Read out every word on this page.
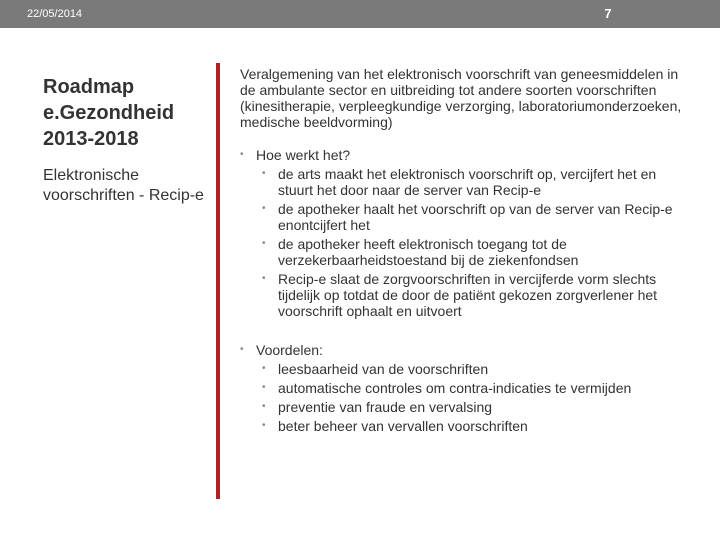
22/05/2014	7
Roadmap e.Gezondheid 2013-2018
Elektronische voorschriften - Recip-e

Veralgemening van het elektronisch voorschrift van geneesmiddelen in de ambulante sector en uitbreiding tot andere soorten voorschriften (kinesitherapie, verpleegkundige verzorging, laboratoriumonderzoeken, medische beeldvorming)

• Hoe werkt het?
• de arts maakt het elektronisch voorschrift op, vercijfert het en stuurt het door naar de server van Recip-e
• de apotheker haalt het voorschrift op van de server van Recip-e enontcijfert het
• de apotheker heeft elektronisch toegang tot de verzekerbaarheidstoestand bij de ziekenfondsen
• Recip-e slaat de zorgvoorschriften in vercijferde vorm slechts tijdelijk op totdat de door de patiënt gekozen zorgverlener het voorschrift ophaalt en uitvoert
• Voordelen:
• leesbaarheid van de voorschriften
• automatische controles om contra-indicaties te vermijden
• preventie van fraude en vervalsing
• beter beheer van vervallen voorschriften
